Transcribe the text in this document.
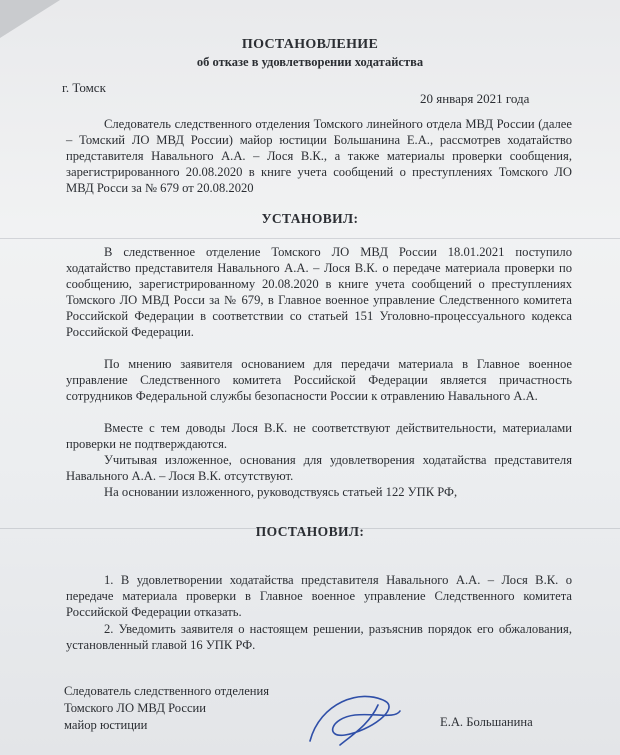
ПОСТАНОВЛЕНИЕ
об отказе в удовлетворении ходатайства
г. Томск
20 января 2021 года
Следователь следственного отделения Томского линейного отдела МВД России (далее – Томский ЛО МВД России) майор юстиции Большанина Е.А., рассмотрев ходатайство представителя Навального А.А. – Лося В.К., а также материалы проверки сообщения, зарегистрированного 20.08.2020 в книге учета сообщений о преступлениях Томского ЛО МВД Росси за № 679 от 20.08.2020
УСТАНОВИЛ:
В следственное отделение Томского ЛО МВД России 18.01.2021 поступило ходатайство представителя Навального А.А. – Лося В.К. о передаче материала проверки по сообщению, зарегистрированному 20.08.2020 в книге учета сообщений о преступлениях Томского ЛО МВД Росси за № 679, в Главное военное управление Следственного комитета Российской Федерации в соответствии со статьей 151 Уголовно-процессуального кодекса Российской Федерации.
По мнению заявителя основанием для передачи материала в Главное военное управление Следственного комитета Российской Федерации является причастность сотрудников Федеральной службы безопасности России к отравлению Навального А.А.
Вместе с тем доводы Лося В.К. не соответствуют действительности, материалами проверки не подтверждаются.
Учитывая изложенное, основания для удовлетворения ходатайства представителя Навального А.А. – Лося В.К. отсутствуют.
На основании изложенного, руководствуясь статьей 122 УПК РФ,
ПОСТАНОВИЛ:
1. В удовлетворении ходатайства представителя Навального А.А. – Лося В.К. о передаче материала проверки в Главное военное управление Следственного комитета Российской Федерации отказать.
2. Уведомить заявителя о настоящем решении, разъяснив порядок его обжалования, установленный главой 16 УПК РФ.
Следователь следственного отделения
Томского ЛО МВД России
майор юстиции	Е.А. Большанина
